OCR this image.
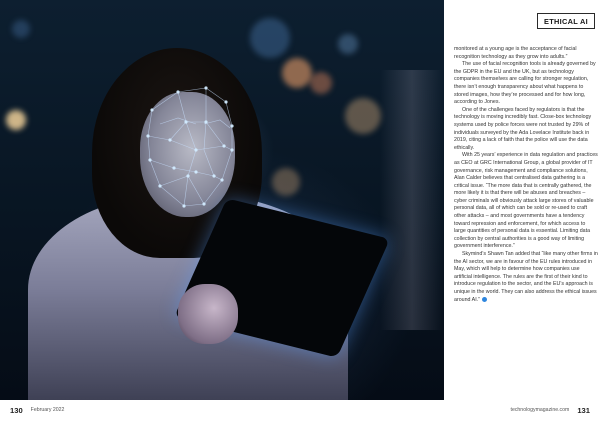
ETHICAL AI

monitored at a young age is the acceptance of facial recognition technology as they grow into adults.”

The use of facial recognition tools is already governed by the GDPR in the EU and the UK, but as technology companies themselves are calling for stronger regulation, there isn’t enough transparency about what happens to stored images, how they’re processed and for how long, according to Jones.

One of the challenges faced by regulators is that the technology is moving incredibly fast. Close-box technology systems used by police forces were not trusted by 29% of individuals surveyed by the Ada Lovelace Institute back in 2019, citing a lack of faith that the police will use the data ethically.

With 25 years’ experience in data regulation and practices as CEO at GRC International Group, a global provider of IT governance, risk management and compliance solutions, Alan Calder believes that centralised data gathering is a critical issue. “The more data that is centrally gathered, the more likely it is that there will be abuses and breaches – cyber criminals will obviously attack large stores of valuable personal data, all of which can be sold or re-used to craft other attacks – and most governments have a tendency toward repression and enforcement, for which access to large quantities of personal data is essential. Limiting data collection by central authorities is a good way of limiting government interference.”

Skymind’s Shawn Tan added that “like many other firms in the AI sector, we are in favour of the EU rules introduced in May, which will help to determine how companies use artificial intelligence. The rules are the first of their kind to introduce regulation to the sector, and the EU’s approach is unique in the world. They can also address the ethical issues around AI.”

130 February 2022	technologymagazine.com 131
